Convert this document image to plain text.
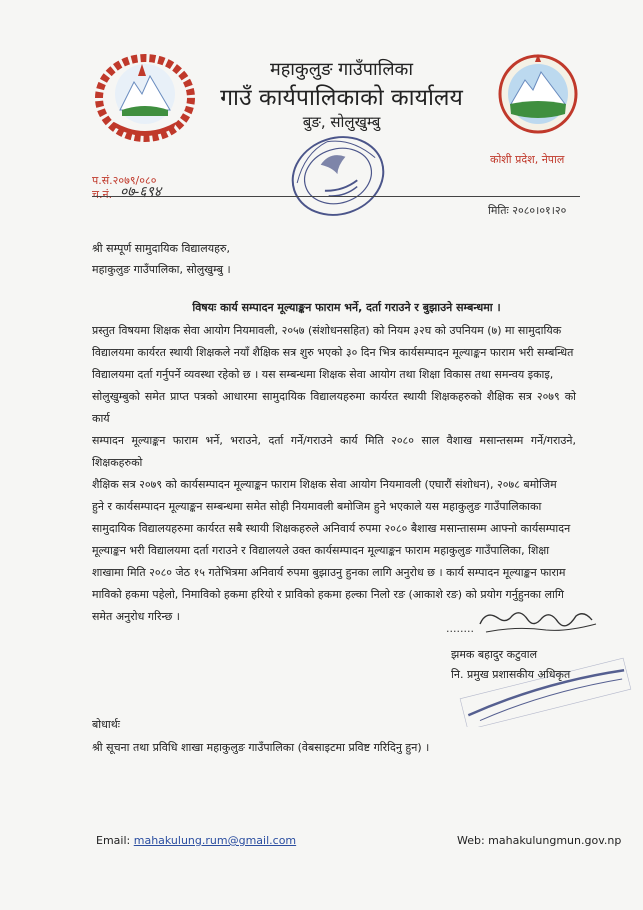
महाकुलुङ गाउँपालिका
गाउँ कार्यपालिकाको कार्यालय
बुङ, सोलुखुम्बु
कोशी प्रदेश, नेपाल
प.सं.२०७९/०८०
च.नं. ०७-६९४
मितिः २०८०।०१।२०
श्री सम्पूर्ण सामुदायिक विद्यालयहरु,
महाकुलुङ गाउँपालिका, सोलुखुम्बु ।
विषयः कार्य सम्पादन मूल्याङ्कन फाराम भर्ने, दर्ता गराउने र बुझाउने सम्बन्धमा ।
प्रस्तुत विषयमा शिक्षक सेवा आयोग नियमावली, २०५७ (संशोधनसहित) को नियम ३२घ को उपनियम (७) मा सामुदायिक
विद्यालयमा कार्यरत स्थायी शिक्षकले नयाँ शैक्षिक सत्र शुरु भएको ३० दिन भित्र कार्यसम्पादन मूल्याङ्कन फाराम भरी सम्बन्धित
विद्यालयमा दर्ता गर्नुपर्ने व्यवस्था रहेको छ । यस सम्बन्धमा शिक्षक सेवा आयोग तथा शिक्षा विकास तथा समन्वय इकाइ,
सोलुखुम्बुको समेत प्राप्त पत्रको आधारमा सामुदायिक विद्यालयहरुमा कार्यरत स्थायी शिक्षकहरुको शैक्षिक सत्र २०७९ को कार्य
सम्पादन मूल्याङ्कन फाराम भर्ने, भराउने, दर्ता गर्ने/गराउने कार्य मिति २०८० साल वैशाख मसान्तसम्म गर्ने/गराउने, शिक्षकहरुको
शैक्षिक सत्र २०७९ को कार्यसम्पादन मूल्याङ्कन फाराम शिक्षक सेवा आयोग नियमावली (एघारौं संशोधन), २०७८ बमोजिम
हुने र कार्यसम्पादन मूल्याङ्कन सम्बन्धमा समेत सोही नियमावली बमोजिम हुने भएकाले यस महाकुलुङ गाउँपालिकाका
सामुदायिक विद्यालयहरुमा कार्यरत सबै स्थायी शिक्षकहरुले अनिवार्य रुपमा २०८० बैशाख मसान्तासम्म आफ्नो कार्यसम्पादन
मूल्याङ्कन भरी विद्यालयमा दर्ता गराउने र विद्यालयले उक्त कार्यसम्पादन मूल्याङ्कन फाराम महाकुलुङ गाउँपालिका, शिक्षा
शाखामा मिति २०८० जेठ १५ गतेभित्रमा अनिवार्य रुपमा बुझाउनु हुनका लागि अनुरोध छ । कार्य सम्पादन मूल्याङ्कन फाराम
माविको हकमा पहेलो, निमाविको हकमा हरियो र प्राविको हकमा हल्का निलो रङ (आकाशे रङ) को प्रयोग गर्नुहुनका लागि
समेत अनुरोध गरिन्छ ।
........
झमक बहादुर कटुवाल
नि. प्रमुख प्रशासकीय अधिकृत
बोधार्थः
श्री सूचना तथा प्रविधि शाखा महाकुलुङ गाउँपालिका (वेबसाइटमा प्रविष्ट गरिदिनु हुन) ।
Email: mahakulung.rum@gmail.com	Web: mahakulungmun.gov.np
